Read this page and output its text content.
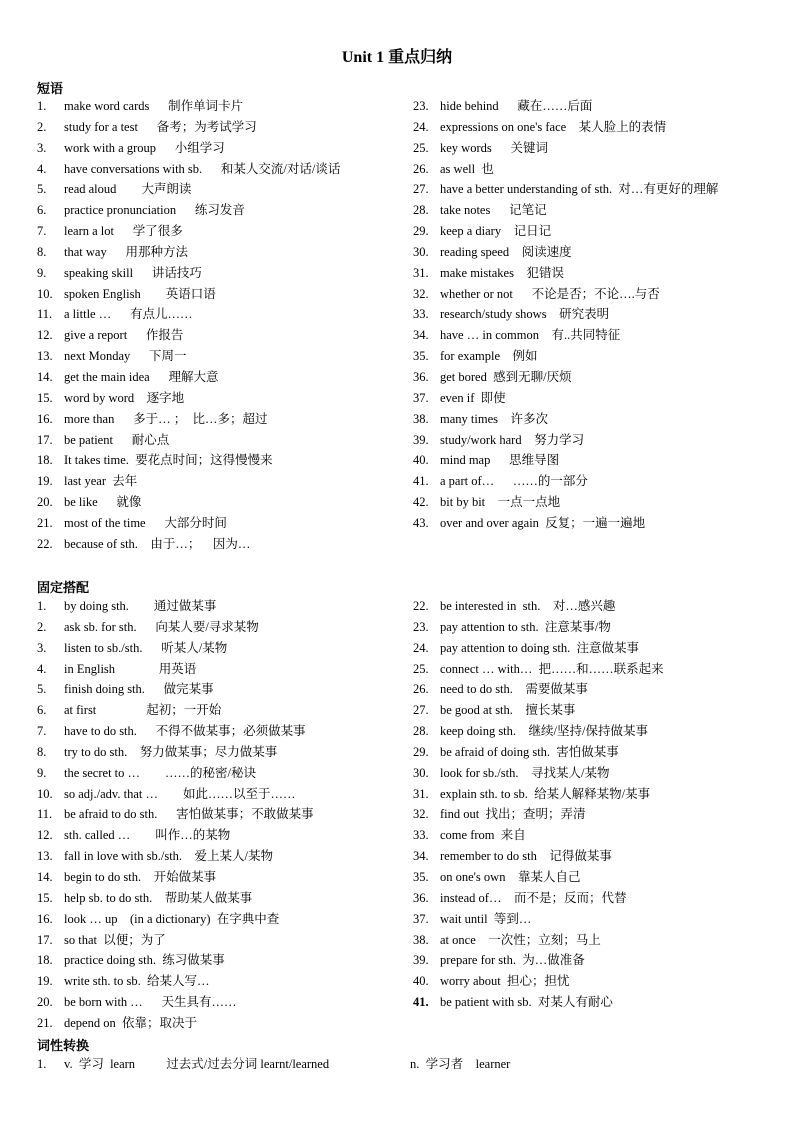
Unit 1 重点归纳
短语
1. make word cards      制作单词卡片
2. study for a test      备考；为考试学习
3. work with a group      小组学习
4. have conversations with sb.      和某人交流/对话/谈话
5. read aloud        大声朗读
6. practice pronunciation      练习发音
7. learn a lot      学了很多
8. that way      用那种方法
9. speaking skill      讲话技巧
10. spoken English        英语口语
11. a little …      有点儿……
12. give a report      作报告
13. next Monday      下周一
14. get the main idea      理解大意
15. word by word    逐字地
16. more than      多于… ；  比…多；超过
17. be patient      耐心点
18. It takes time.  要花点时间；这得慢慢来
19. last year  去年
20. be like      就像
21. most of the time      大部分时间
22. because of sth.    由于…；    因为…
23. hide behind      藏在……后面
24. expressions on one's face    某人脸上的表情
25. key words      关键词
26. as well  也
27. have a better understanding of sth.  对…有更好的理解
28. take notes      记笔记
29. keep a diary    记日记
30. reading speed    阅读速度
31. make mistakes    犯错误
32. whether or not      不论是否；不论….与否
33. research/study shows    研究表明
34. have … in common    有..共同特征
35. for example    例如
36. get bored  感到无聊/厌烦
37. even if  即使
38. many times    许多次
39. study/work hard    努力学习
40. mind map      思维导图
41. a part of…      ……的一部分
42. bit by bit    一点一点地
43. over and over again  反复；一遍一遍地
固定搭配
1. by doing sth.        通过做某事
2. ask sb. for sth.      向某人要/寻求某物
3. listen to sb./sth.      听某人/某物
4. in English              用英语
5. finish doing sth.      做完某事
6. at first                起初；一开始
7. have to do sth.      不得不做某事；必须做某事
8. try to do sth.    努力做某事；尽力做某事
9. the secret to …        ……的秘密/秘诀
10. so adj./adv. that …        如此……以至于……
11. be afraid to do sth.      害怕做某事；不敢做某事
12. sth. called …        叫作…的某物
13. fall in love with sb./sth.    爱上某人/某物
14. begin to do sth.    开始做某事
15. help sb. to do sth.    帮助某人做某事
16. look … up    (in a dictionary)  在字典中查
17. so that  以便；为了
18. practice doing sth.  练习做某事
19. write sth. to sb.  给某人写…
20. be born with …      天生具有……
21. depend on  依靠；取决于
22. be interested in  sth.    对…感兴趣
23. pay attention to sth.  注意某事/物
24. pay attention to doing sth.  注意做某事
25. connect … with…  把……和……联系起来
26. need to do sth.    需要做某事
27. be good at sth.    擅长某事
28. keep doing sth.    继续/坚持/保持做某事
29. be afraid of doing sth.  害怕做某事
30. look for sb./sth.    寻找某人/某物
31. explain sth. to sb.  给某人解释某物/某事
32. find out  找出；查明；弄清
33. come from  来自
34. remember to do sth    记得做某事
35. on one's own    靠某人自己
36. instead of…    而不是；反而；代替
37. wait until  等到…
38. at once    一次性；立刻；马上
39. prepare for sth.  为…做准备
40. worry about  担心；担忧
41. be patient with sb.  对某人有耐心
词性转换
1. v.  学习  learn          过去式/过去分词 learnt/learned	n.  学习者    learner
